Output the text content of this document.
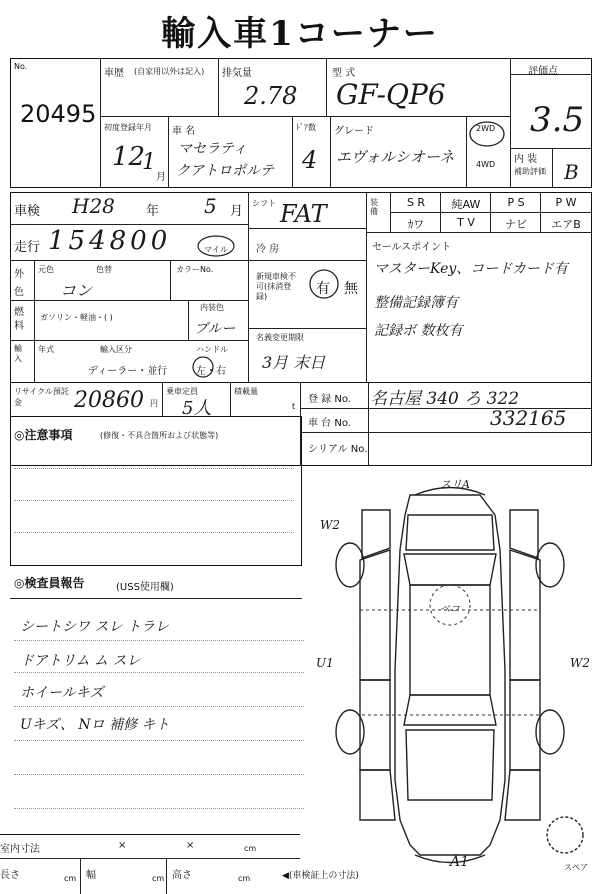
輸入車1コーナー
No.
20495
車歴 (自家用以外は記入) 排気量
2.78
型 式
GF-QP6
評価点
3.5
初度登録年月
12
1
月
車 名
マセラティ
クアトロポルテ
ﾄﾞｱ数
4
グレード
エヴォルシオーネ
2WD
4WD 内 装
補助評価 B
車検 H28 年 5 月
走行 154800	マイル
シフト FAT
冷 房
装備
S R	純AW	P S	P W
ｶワ	T V	ナビ	エアB
セールスポイント
マスターKey、コードカード有
整備記録簿有
記録ボ 数枚有
外色
元色	色替
コン
カラーNo.
燃料
ガソリン・軽油・( )
内装色
ブルー
新規車検不可(抹消登録)	有 無
輸入
年式	輸入区分	ハンドル
ディーラー・並行	左・右
名義変更期限
3月 末日
リサイクル預託金	20860 円
乗車定員
5人
積載量
t
登 録 No. 名古屋 340 ろ 322
車 台 No.	332165
シリアル No.
◎注意事項	(修復・不具合箇所および状態等)
◎検査員報告	(USS使用欄)
シートシワ スレ トラレ
ドアトリム ム スレ
ホイールキズ
Uキズ、 Nロ 補修 キト
スリA
W2
U1	W2
ベコ
A1	スペア
室内寸法	×	×	cm
長さ	cm 幅	cm 高さ	cm	◀(車検証上の寸法)
